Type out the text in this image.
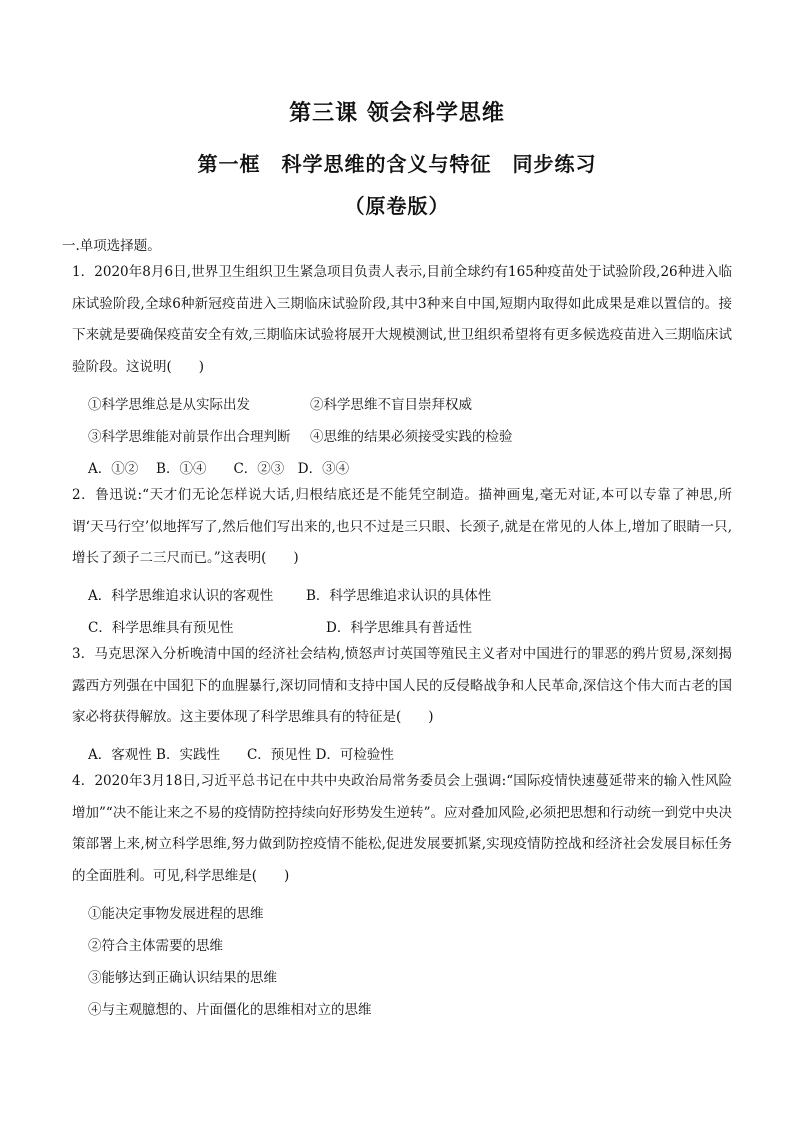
第三课 领会科学思维
第一框　科学思维的含义与特征　同步练习
（原卷版）
一.单项选择题。
1．2020年8月6日,世界卫生组织卫生紧急项目负责人表示,目前全球约有165种疫苗处于试验阶段,26种进入临床试验阶段,全球6种新冠疫苗进入三期临床试验阶段,其中3种来自中国,短期内取得如此成果是难以置信的。接下来就是要确保疫苗安全有效,三期临床试验将展开大规模测试,世卫组织希望将有更多候选疫苗进入三期临床试验阶段。这说明(　　)
①科学思维总是从实际出发	②科学思维不盲目崇拜权威
③科学思维能对前景作出合理判断 ④思维的结果必须接受实践的检验
A．①②　 B．①④　　C．②③　D．③④
2．鲁迅说:“天才们无论怎样说大话,归根结底还是不能凭空制造。描神画鬼,毫无对证,本可以专靠了神思,所谓‘天马行空’似地挥写了,然后他们写出来的,也只不过是三只眼、长颈子,就是在常见的人体上,增加了眼睛一只,增长了颈子二三尺而已。”这表明(　　)
A．科学思维追求认识的客观性 B．科学思维追求认识的具体性
C．科学思维具有预见性	D．科学思维具有普适性
3．马克思深入分析晚清中国的经济社会结构,愤怒声讨英国等殖民主义者对中国进行的罪恶的鸦片贸易,深刻揭露西方列强在中国犯下的血腥暴行,深切同情和支持中国人民的反侵略战争和人民革命,深信这个伟大而古老的国家必将获得解放。这主要体现了科学思维具有的特征是(　　)
A．客观性 B．实践性　　C．预见性 D．可检验性
4．2020年3月18日,习近平总书记在中共中央政治局常务委员会上强调:“国际疫情快速蔓延带来的输入性风险增加”“决不能让来之不易的疫情防控持续向好形势发生逆转”。应对叠加风险,必须把思想和行动统一到党中央决策部署上来,树立科学思维,努力做到防控疫情不能松,促进发展要抓紧,实现疫情防控战和经济社会发展目标任务的全面胜利。可见,科学思维是(　　)
①能决定事物发展进程的思维
②符合主体需要的思维
③能够达到正确认识结果的思维
④与主观臆想的、片面僵化的思维相对立的思维
